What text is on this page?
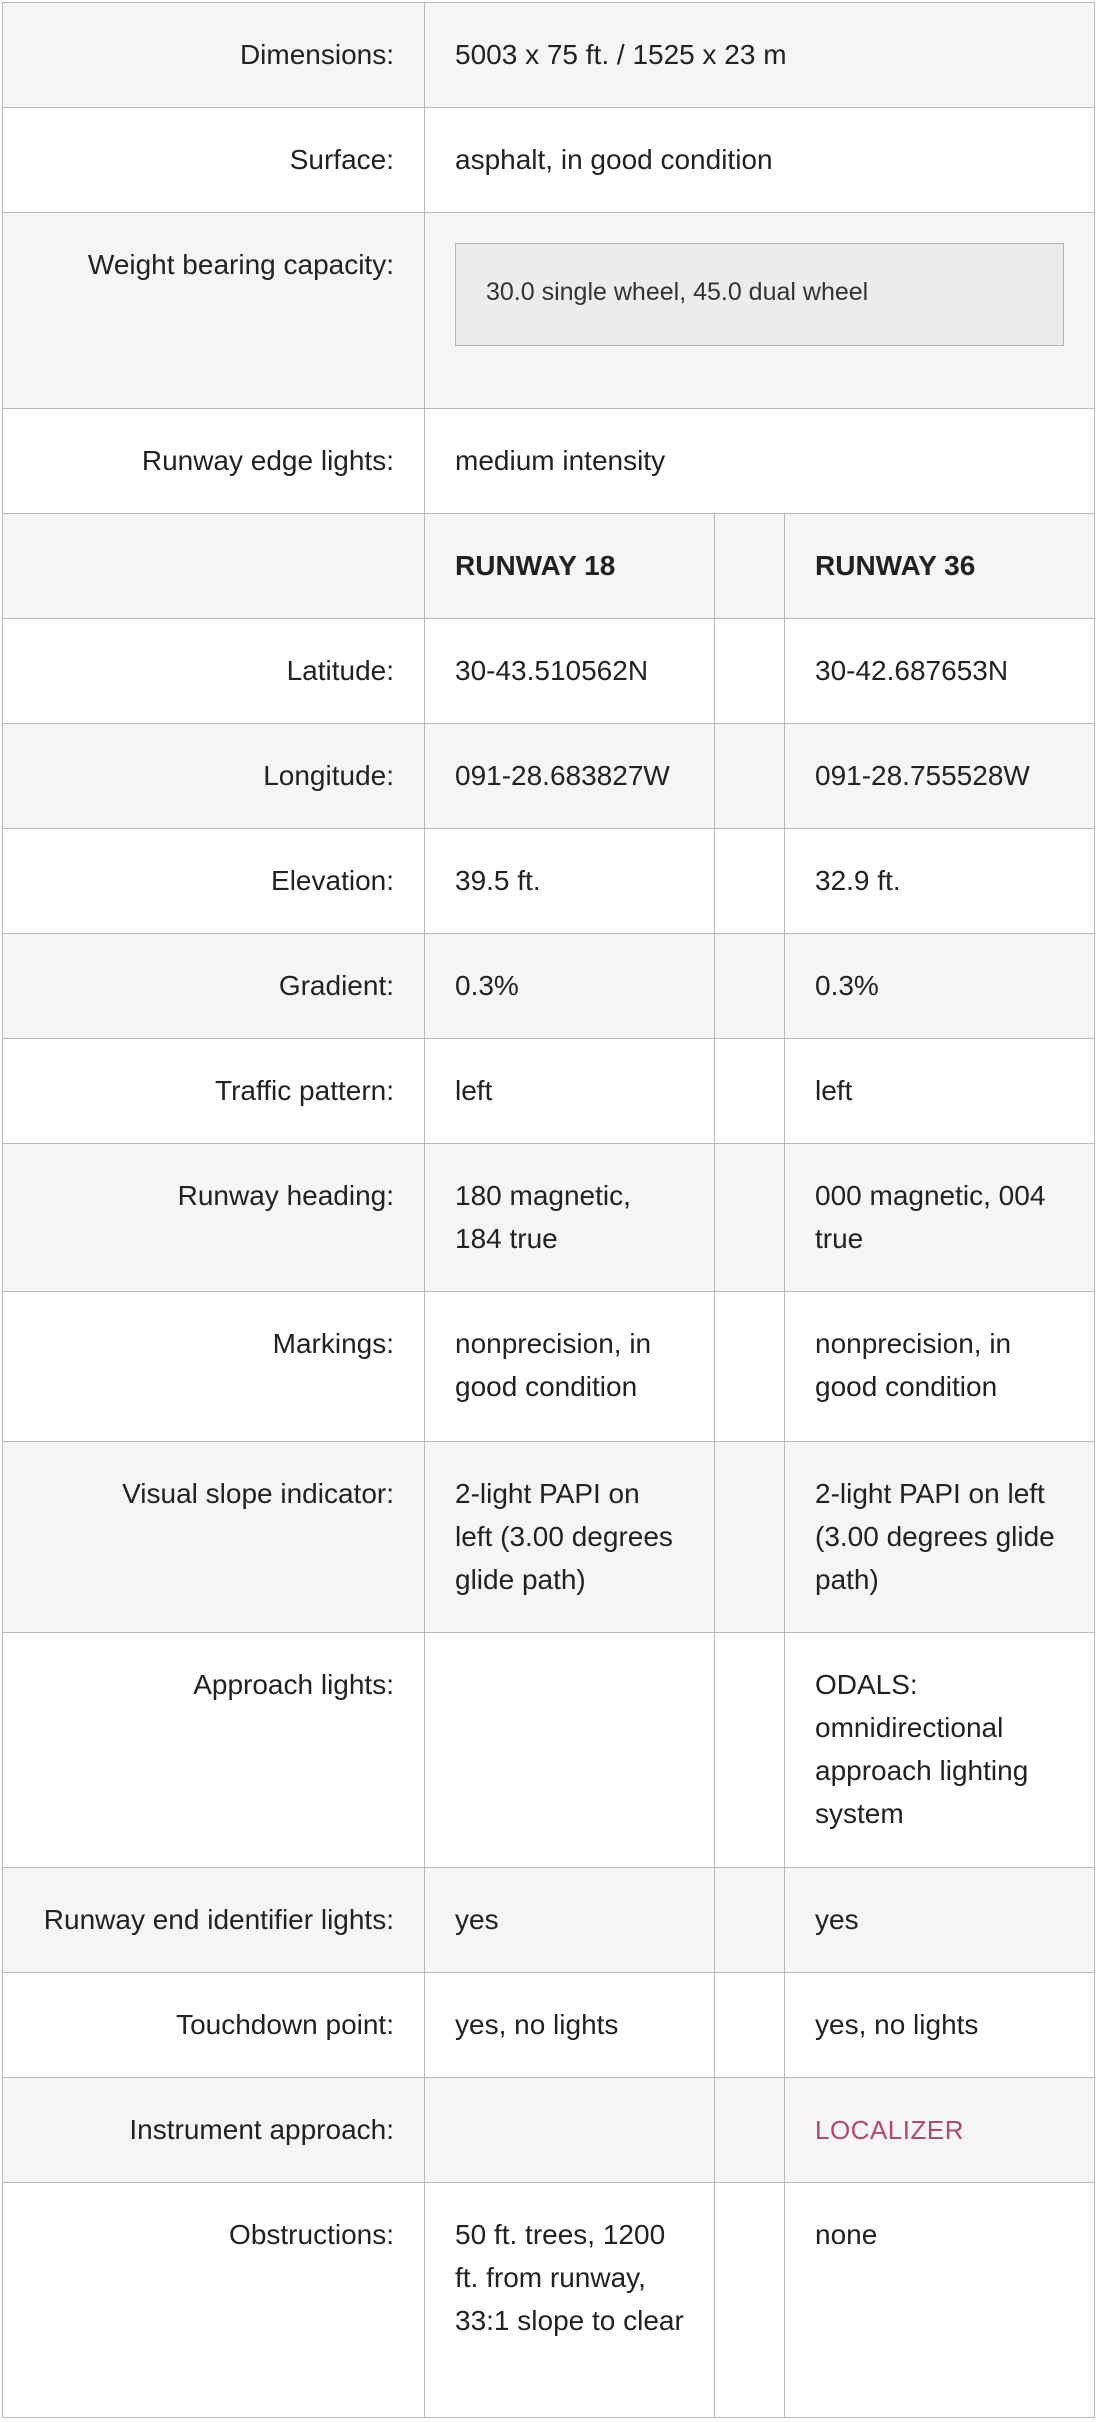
Dimensions:	5003 x 75 ft. / 1525 x 23 m		
Surface:	asphalt, in good condition		
Weight bearing capacity:	30.0 single wheel, 45.0 dual wheel		

Runway edge lights:	medium intensity		
	RUNWAY 18		RUNWAY 36
Latitude:	30-43.510562N		30-42.687653N
Longitude:	091-28.683827W		091-28.755528W
Elevation:	39.5 ft.		32.9 ft.
Gradient:	0.3%		0.3%
Traffic pattern:	left		left
Runway heading:	180 magnetic, 184 true		000 magnetic, 004 true
Markings:	nonprecision, in good condition		nonprecision, in good condition
Visual slope indicator:	2-light PAPI on left (3.00 degrees glide path)		2-light PAPI on left (3.00 degrees glide path)
Approach lights:			ODALS: omnidirectional approach lighting system
Runway end identifier lights:	yes		yes
Touchdown point:	yes, no lights		yes, no lights
Instrument approach:			LOCALIZER
Obstructions:	50 ft. trees, 1200 ft. from runway, 33:1 slope to clear		none
